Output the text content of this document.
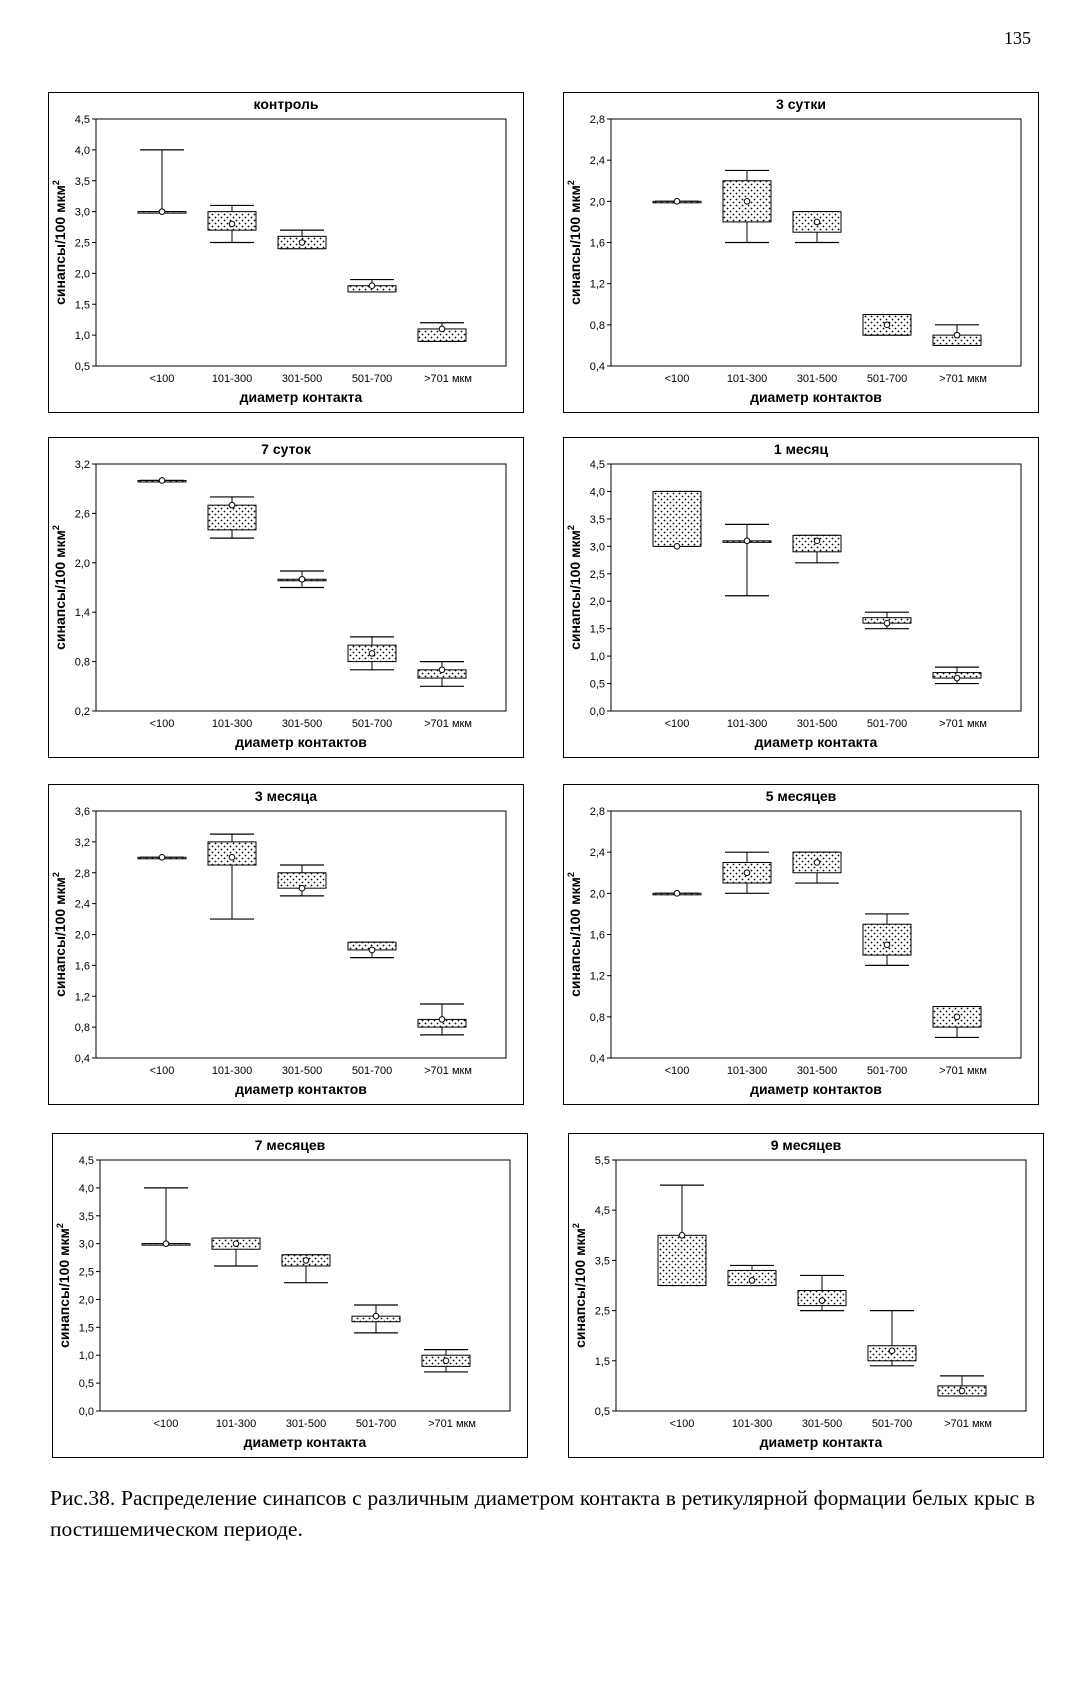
135
контроль
0,5
1,0
1,5
2,0
2,5
3,0
3,5
4,0
4,5
синапсы/100 мкм$^2$
<100	101-300	301-500	501-700	>701 мкм
диаметр контакта
3 сутки
0,4
0,8
1,2
1,6
2,0
2,4
2,8
синапсы/100 мкм$^2$
<100	101-300	301-500	501-700	>701 мкм
диаметр контактов
7 суток
0,2
0,8
1,4
2,0
2,6
3,2
синапсы/100 мкм$^2$
<100	101-300	301-500	501-700	>701 мкм
диаметр контактов
1 месяц
0,0
0,5
1,0
1,5
2,0
2,5
3,0
3,5
4,0
4,5
синапсы/100 мкм$^2$
<100	101-300	301-500	501-700	>701 мкм
диаметр контакта
3 месяца
0,4
0,8
1,2
1,6
2,0
2,4
2,8
3,2
3,6
синапсы/100 мкм$^2$
<100	101-300	301-500	501-700	>701 мкм
диаметр контактов
5 месяцев
0,4
0,8
1,2
1,6
2,0
2,4
2,8
синапсы/100 мкм$^2$
<100	101-300	301-500	501-700	>701 мкм
диаметр контактов
7 месяцев
0,0
0,5
1,0
1,5
2,0
2,5
3,0
3,5
4,0
4,5
синапсы/100 мкм$^2$
<100	101-300	301-500	501-700	>701 мкм
диаметр контакта
9 месяцев
0,5
1,5
2,5
3,5
4,5
5,5
синапсы/100 мкм$^2$
<100	101-300	301-500	501-700	>701 мкм
диаметр контакта
Рис.38. Распределение синапсов с различным диаметром контакта в ретикулярной формации белых крыс в постишемическом периоде.
